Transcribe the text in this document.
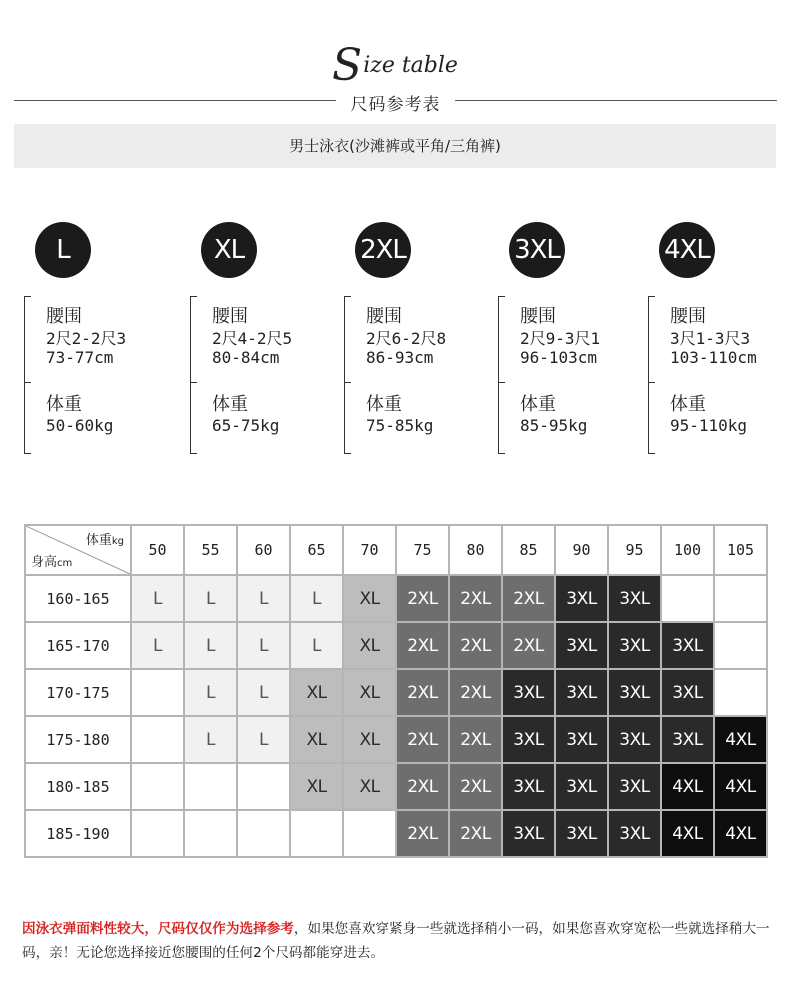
Size table
尺码参考表
男士泳衣(沙滩裤或平角/三角裤)
L
腰围
2尺2-2尺3
73-77cm
体重
50-60kg
XL
腰围
2尺4-2尺5
80-84cm
体重
65-75kg
2XL
腰围
2尺6-2尺8
86-93cm
体重
75-85kg
3XL
腰围
2尺9-3尺1
96-103cm
体重
85-95kg
4XL
腰围
3尺1-3尺3
103-110cm
体重
95-110kg
体重kg
身高cm	50	55	60	65	70	75	80	85	90	95	100	105
160-165	L	L	L	L	XL	2XL	2XL	2XL	3XL	3XL		
165-170	L	L	L	L	XL	2XL	2XL	2XL	3XL	3XL	3XL	
170-175		L	L	XL	XL	2XL	2XL	3XL	3XL	3XL	3XL	
175-180		L	L	XL	XL	2XL	2XL	3XL	3XL	3XL	3XL	4XL
180-185				XL	XL	2XL	2XL	3XL	3XL	3XL	4XL	4XL
185-190						2XL	2XL	3XL	3XL	3XL	4XL	4XL
因泳衣弹面料性较大，尺码仅仅作为选择参考，如果您喜欢穿紧身一些就选择稍小一码，如果您喜欢穿宽松一些就选择稍大一码，亲！无论您选择接近您腰围的任何2个尺码都能穿进去。
